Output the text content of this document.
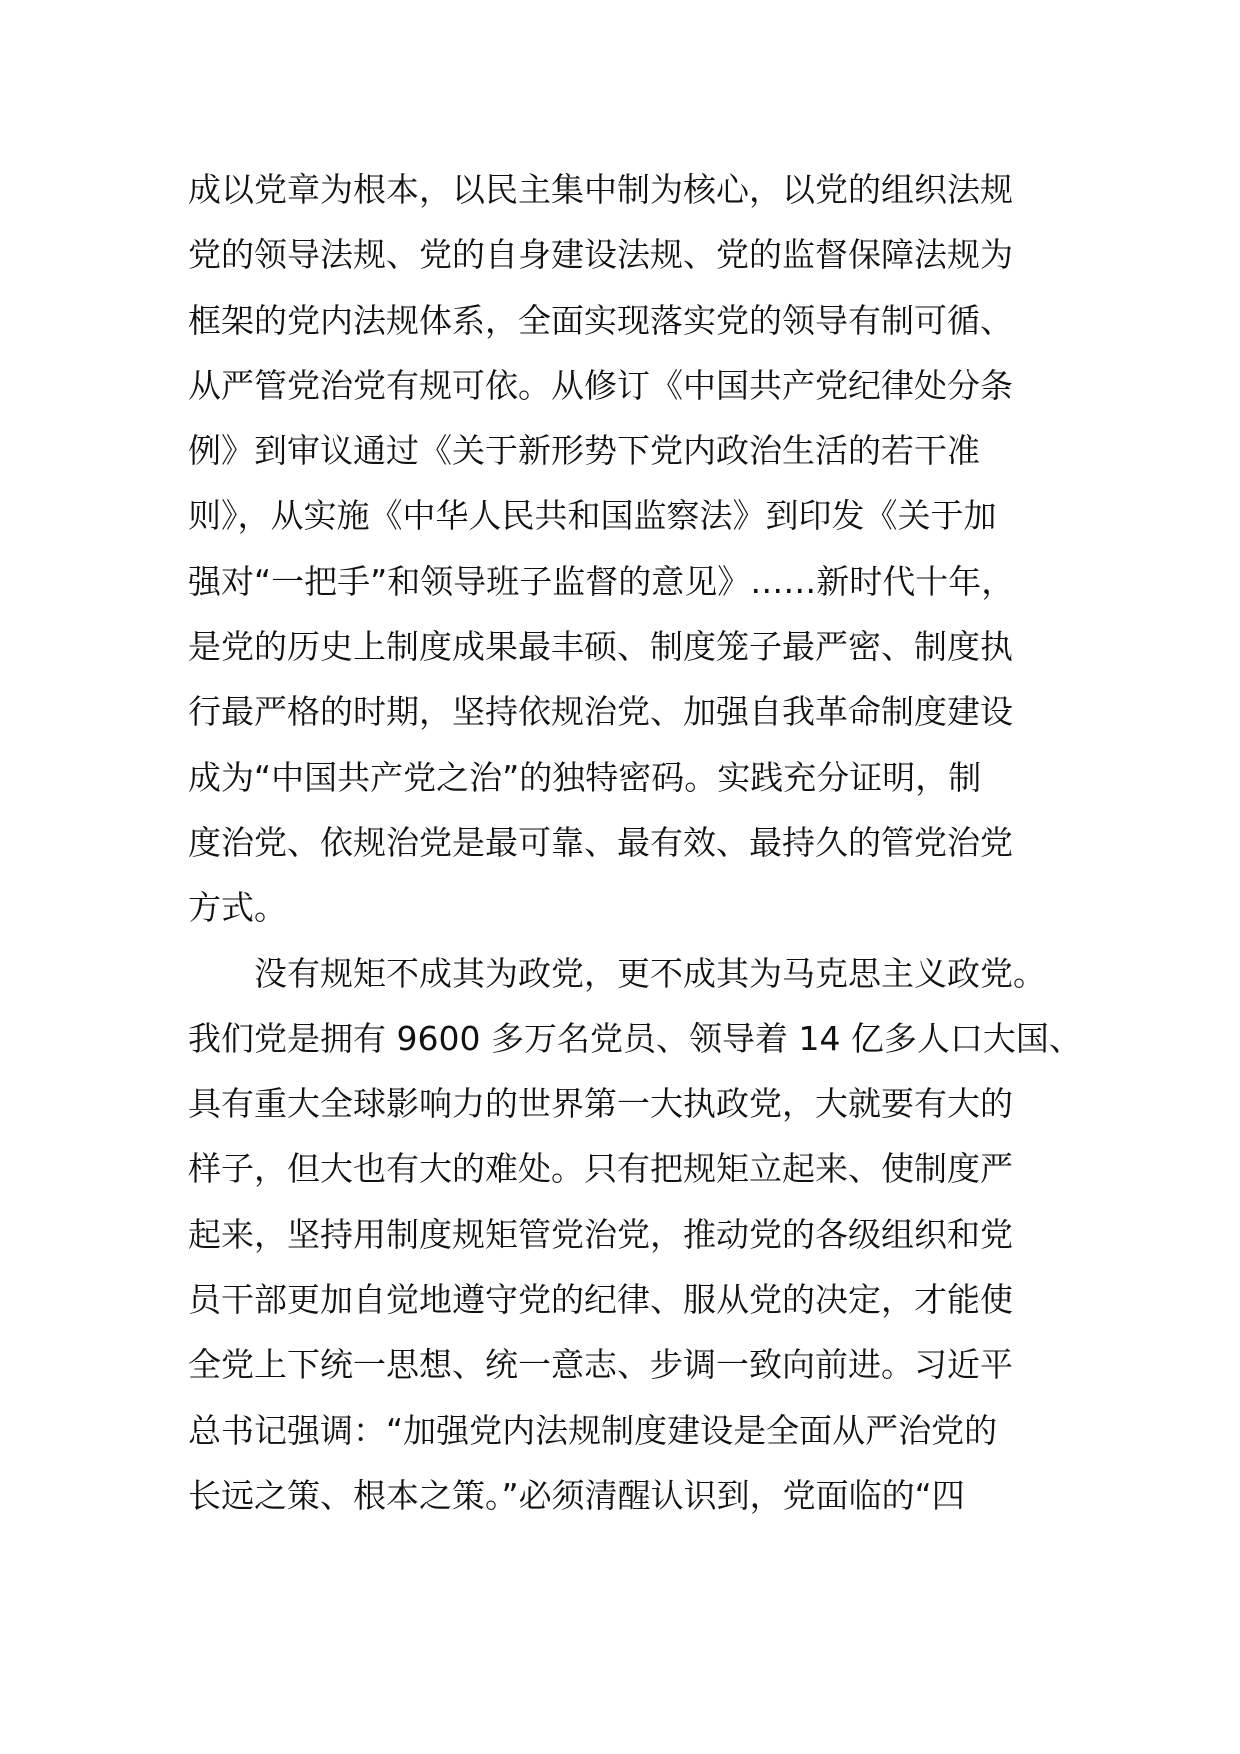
成以党章为根本，以民主集中制为核心，以党的组织法规
党的领导法规、党的自身建设法规、党的监督保障法规为
框架的党内法规体系，全面实现落实党的领导有制可循、
从严管党治党有规可依。从修订《中国共产党纪律处分条
例》到审议通过《关于新形势下党内政治生活的若干准
则》，从实施《中华人民共和国监察法》到印发《关于加
强对“一把手”和领导班子监督的意见》……新时代十年，
是党的历史上制度成果最丰硕、制度笼子最严密、制度执
行最严格的时期，坚持依规治党、加强自我革命制度建设
成为“中国共产党之治”的独特密码。实践充分证明，制
度治党、依规治党是最可靠、最有效、最持久的管党治党
方式。
没有规矩不成其为政党，更不成其为马克思主义政党。
我们党是拥有 9600 多万名党员、领导着 14 亿多人口大国、
具有重大全球影响力的世界第一大执政党，大就要有大的
样子，但大也有大的难处。只有把规矩立起来、使制度严
起来，坚持用制度规矩管党治党，推动党的各级组织和党
员干部更加自觉地遵守党的纪律、服从党的决定，才能使
全党上下统一思想、统一意志、步调一致向前进。习近平
总书记强调：“加强党内法规制度建设是全面从严治党的
长远之策、根本之策。”必须清醒认识到，党面临的“四
